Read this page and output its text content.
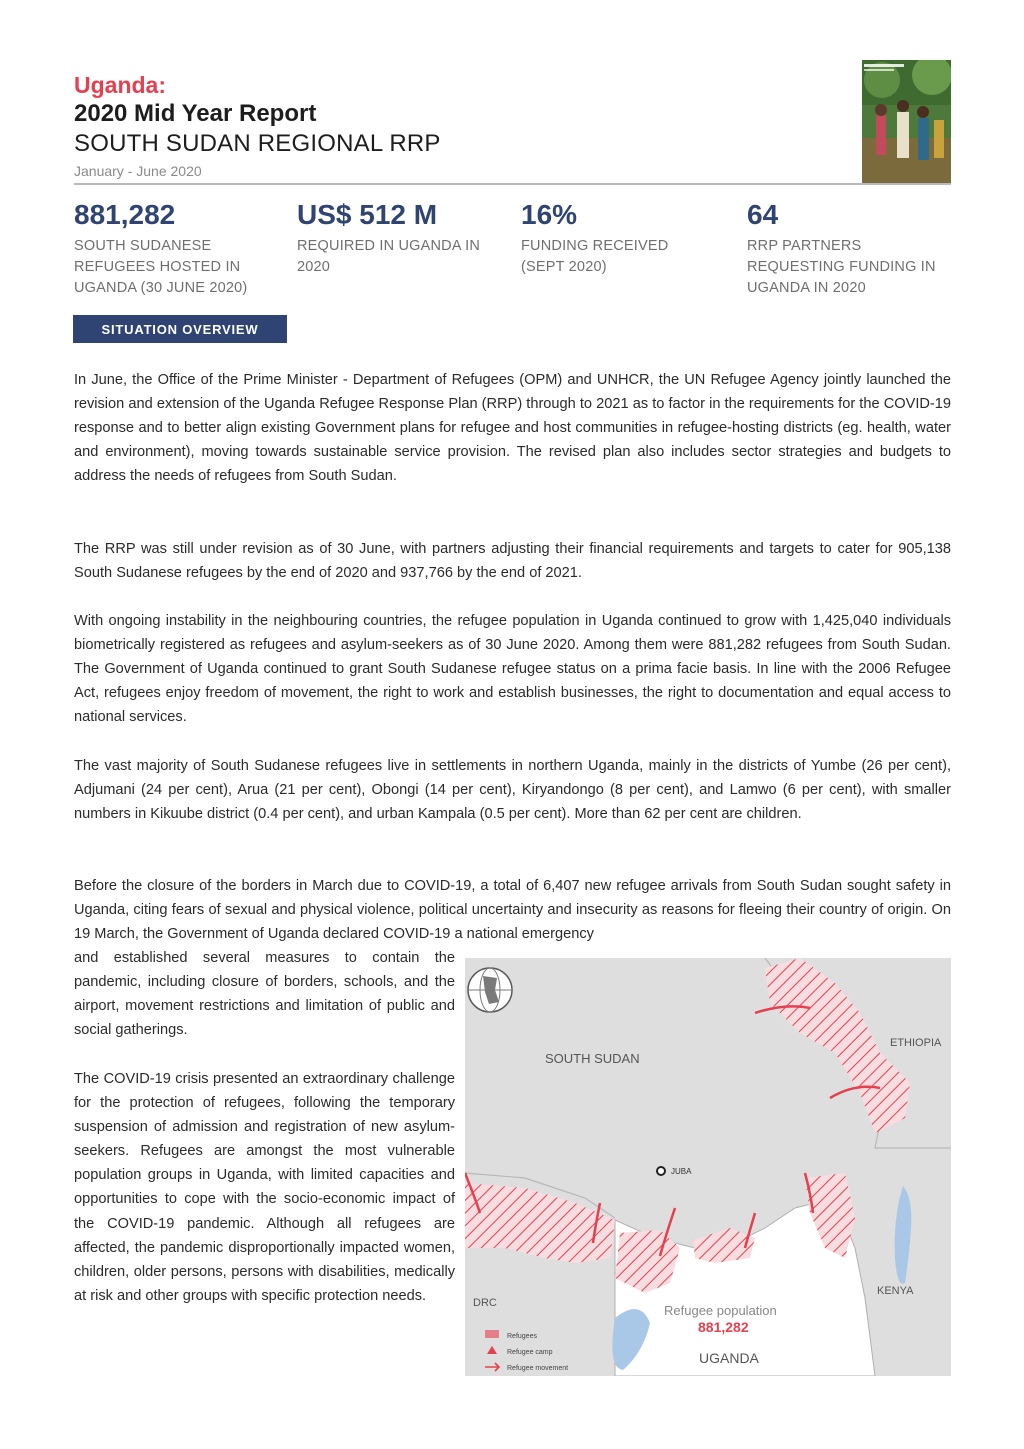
Uganda:
2020 Mid Year Report
SOUTH SUDAN REGIONAL RRP
January - June 2020
881,282
SOUTH SUDANESE REFUGEES HOSTED IN UGANDA (30 JUNE 2020)
US$ 512 M
REQUIRED IN UGANDA IN 2020
16%
FUNDING RECEIVED (SEPT 2020)
64
RRP PARTNERS REQUESTING FUNDING IN UGANDA IN 2020
SITUATION OVERVIEW

In June, the Office of the Prime Minister - Department of Refugees (OPM) and UNHCR, the UN Refugee Agency jointly launched the revision and extension of the Uganda Refugee Response Plan (RRP) through to 2021 as to factor in the requirements for the COVID-19 response and to better align existing Government plans for refugee and host communities in refugee-hosting districts (eg. health, water and environment), moving towards sustainable service provision. The revised plan also includes sector strategies and budgets to address the needs of refugees from South Sudan.

The RRP was still under revision as of 30 June, with partners adjusting their financial requirements and targets to cater for 905,138 South Sudanese refugees by the end of 2020 and 937,766 by the end of 2021.

With ongoing instability in the neighbouring countries, the refugee population in Uganda continued to grow with 1,425,040 individuals biometrically registered as refugees and asylum-seekers as of 30 June 2020. Among them were 881,282 refugees from South Sudan. The Government of Uganda continued to grant South Sudanese refugee status on a prima facie basis. In line with the 2006 Refugee Act, refugees enjoy freedom of movement, the right to work and establish businesses, the right to documentation and equal access to national services.

The vast majority of South Sudanese refugees live in settlements in northern Uganda, mainly in the districts of Yumbe (26 per cent), Adjumani (24 per cent), Arua (21 per cent), Obongi (14 per cent), Kiryandongo (8 per cent), and Lamwo (6 per cent), with smaller numbers in Kikuube district (0.4 per cent), and urban Kampala (0.5 per cent). More than 62 per cent are children.

Before the closure of the borders in March due to COVID-19, a total of 6,407 new refugee arrivals from South Sudan sought safety in Uganda, citing fears of sexual and physical violence, political uncertainty and insecurity as reasons for fleeing their country of origin. On 19 March, the Government of Uganda declared COVID-19 a national emergency

and established several measures to contain the pandemic, including closure of borders, schools, and the airport, movement restrictions and limitation of public and social gatherings.

The COVID-19 crisis presented an extraordinary challenge for the protection of refugees, following the temporary suspension of admission and registration of new asylum-seekers. Refugees are amongst the most vulnerable population groups in Uganda, with limited capacities and opportunities to cope with the socio-economic impact of the COVID-19 pandemic. Although all refugees are affected, the pandemic disproportionally impacted women, children, older persons, persons with disabilities, medically at risk and other groups with specific protection needs.

SOUTH SUDAN
ETHIOPIA
JUBA
KENYA
DRC
UGANDA
Refugee population
881,282
Refugees
Refugee camp
Refugee movement
